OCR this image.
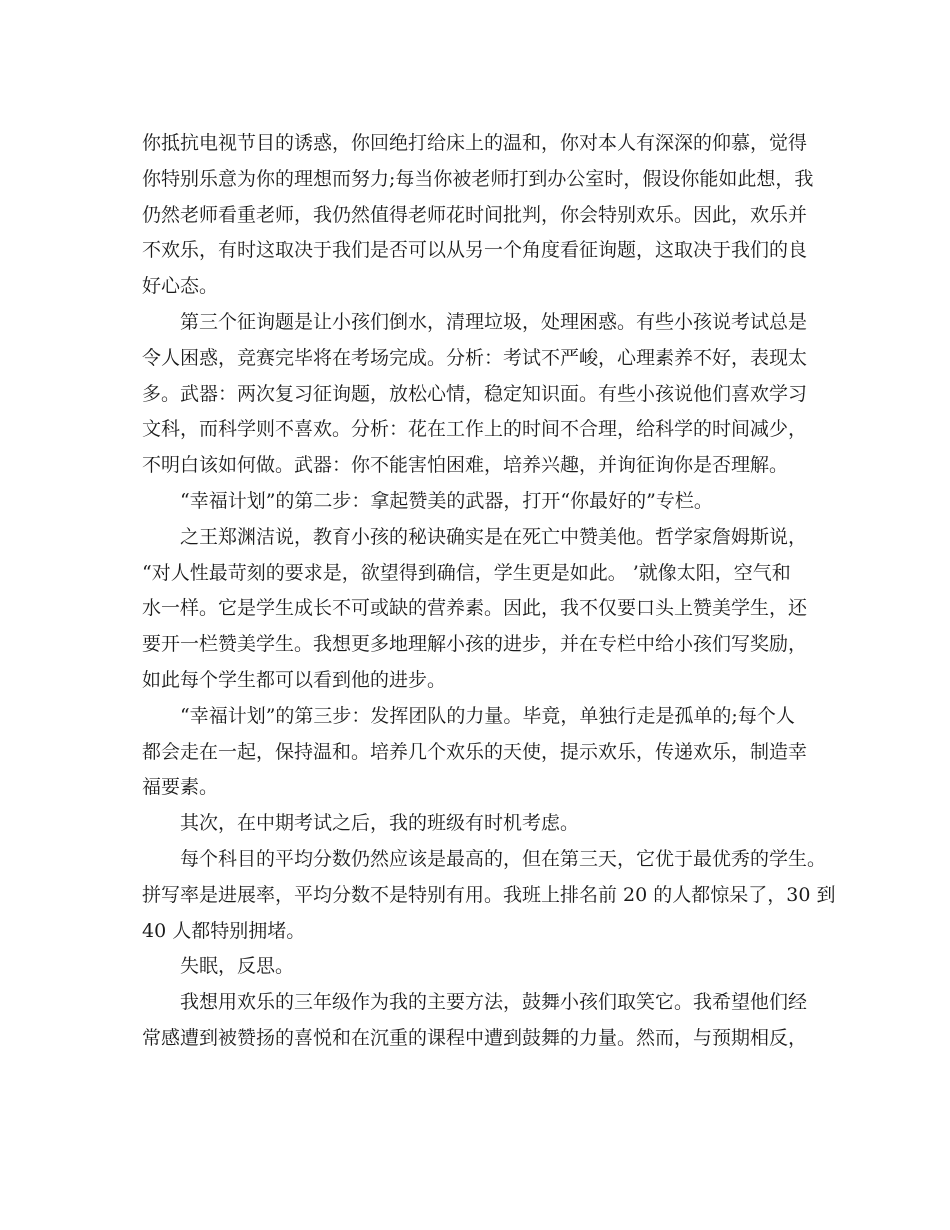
你抵抗电视节目的诱惑，你回绝打给床上的温和，你对本人有深深的仰慕，觉得
你特别乐意为你的理想而努力;每当你被老师打到办公室时，假设你能如此想，我
仍然老师看重老师，我仍然值得老师花时间批判，你会特别欢乐。因此，欢乐并
不欢乐，有时这取决于我们是否可以从另一个角度看征询题，这取决于我们的良
好心态。
第三个征询题是让小孩们倒水，清理垃圾，处理困惑。有些小孩说考试总是
令人困惑，竞赛完毕将在考场完成。分析：考试不严峻，心理素养不好，表现太
多。武器：两次复习征询题，放松心情，稳定知识面。有些小孩说他们喜欢学习
文科，而科学则不喜欢。分析：花在工作上的时间不合理，给科学的时间减少，
不明白该如何做。武器：你不能害怕困难，培养兴趣，并询征询你是否理解。
“幸福计划”的第二步：拿起赞美的武器，打开“你最好的”专栏。
之王郑渊洁说，教育小孩的秘诀确实是在死亡中赞美他。哲学家詹姆斯说，
“对人性最苛刻的要求是，欲望得到确信，学生更是如此。 ’就像太阳，空气和
水一样。它是学生成长不可或缺的营养素。因此，我不仅要口头上赞美学生，还
要开一栏赞美学生。我想更多地理解小孩的进步，并在专栏中给小孩们写奖励，
如此每个学生都可以看到他的进步。
“幸福计划”的第三步：发挥团队的力量。毕竟，单独行走是孤单的;每个人
都会走在一起，保持温和。培养几个欢乐的天使，提示欢乐，传递欢乐，制造幸
福要素。
其次，在中期考试之后，我的班级有时机考虑。
每个科目的平均分数仍然应该是最高的，但在第三天，它优于最优秀的学生。
拼写率是进展率，平均分数不是特别有用。我班上排名前 20 的人都惊呆了，30 到
40 人都特别拥堵。
失眠，反思。
我想用欢乐的三年级作为我的主要方法，鼓舞小孩们取笑它。我希望他们经
常感遭到被赞扬的喜悦和在沉重的课程中遭到鼓舞的力量。然而，与预期相反，
